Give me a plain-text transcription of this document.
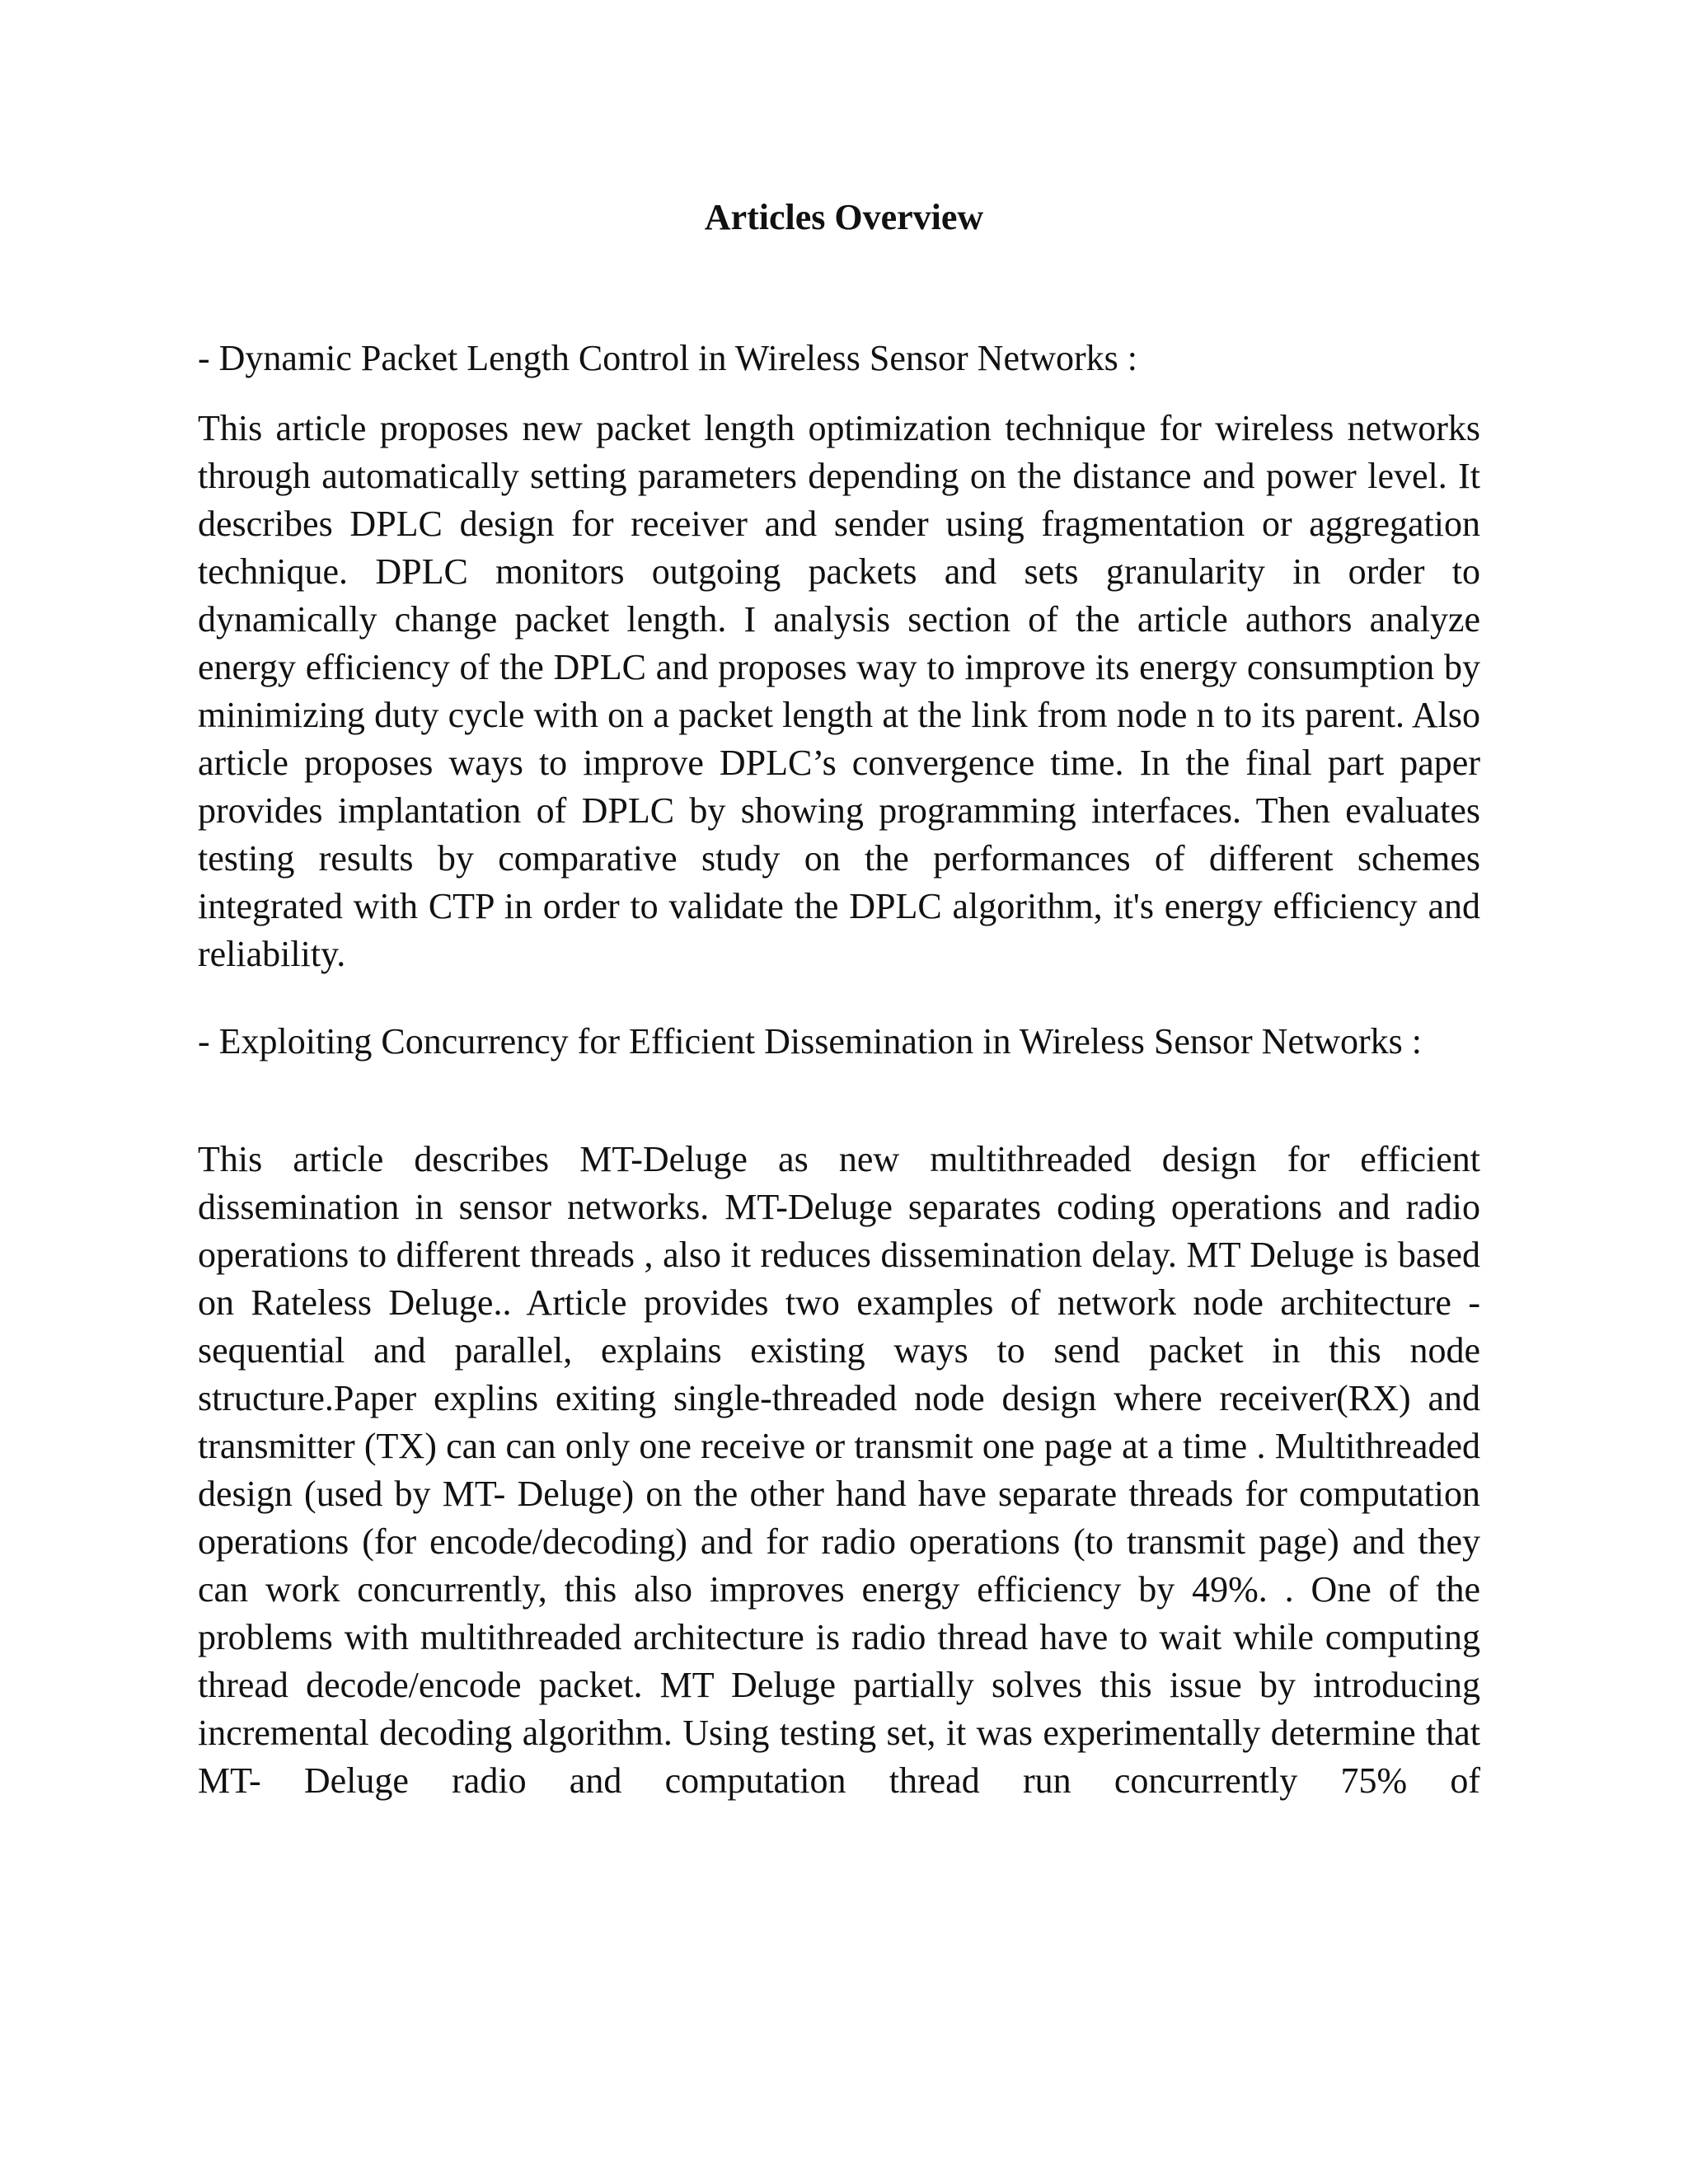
Articles Overview

- Dynamic Packet Length Control in Wireless Sensor Networks :

This article proposes new packet length optimization technique for wireless networks through automatically setting parameters depending on the distance and power level. It describes DPLC design for receiver and sender using fragmentation or aggregation technique. DPLC monitors outgoing packets and sets granularity in order to dynamically change packet length. I analysis section of the article authors analyze energy efficiency of the DPLC and proposes way to improve its energy consumption by minimizing duty cycle with on a packet length at the link from node n to its parent. Also article proposes ways to improve DPLC’s convergence time. In the final part paper provides implantation of DPLC by showing programming interfaces. Then evaluates testing results by comparative study on the performances of different schemes integrated with CTP in order to validate the DPLC algorithm, it's energy efficiency and reliability.

- Exploiting Concurrency for Efficient Dissemination in Wireless Sensor Networks :

This article describes MT-Deluge as new multithreaded design for efficient dissemination in sensor networks. MT-Deluge separates coding operations and radio operations to different threads , also it reduces dissemination delay. MT Deluge is based on Rateless Deluge.. Article provides two examples of network node architecture - sequential and parallel, explains existing ways to send packet in this node structure.Paper explins exiting single-threaded node design where receiver(RX) and transmitter (TX) can can only one receive or transmit one page at a time . Multithreaded design (used by MT- Deluge) on the other hand have separate threads for computation operations (for encode/decoding) and for radio operations (to transmit page) and they can work concurrently, this also improves energy efficiency by 49%. . One of the problems with multithreaded architecture is radio thread have to wait while computing thread decode/encode packet. MT Deluge partially solves this issue by introducing incremental decoding algorithm. Using testing set, it was experimentally determine that MT- Deluge radio and computation thread run concurrently 75% of
